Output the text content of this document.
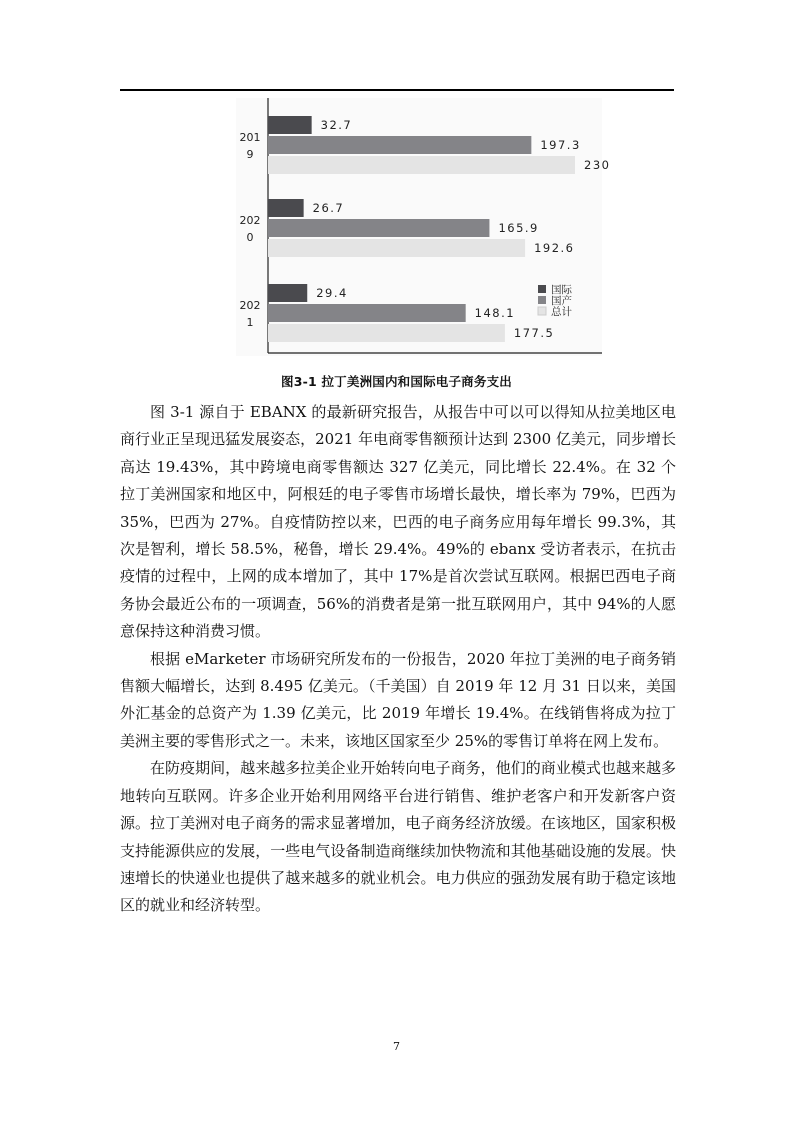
201
9
32.7
197.3
230
202
0
26.7
165.9
192.6
202
1
29.4
148.1
177.5
国际
国产
总计
图3-1 拉丁美洲国内和国际电子商务支出

图 3-1 源自于 EBANX 的最新研究报告，从报告中可以可以得知从拉美地区电商行业正呈现迅猛发展姿态，2021 年电商零售额预计达到 2300 亿美元，同步增长高达 19.43%，其中跨境电商零售额达 327 亿美元，同比增长 22.4%。在 32 个拉丁美洲国家和地区中，阿根廷的电子零售市场增长最快，增长率为 79%，巴西为 35%，巴西为 27%。自疫情防控以来，巴西的电子商务应用每年增长 99.3%，其次是智利，增长 58.5%，秘鲁，增长 29.4%。49%的 ebanx 受访者表示，在抗击疫情的过程中，上网的成本增加了，其中 17%是首次尝试互联网。根据巴西电子商务协会最近公布的一项调查，56%的消费者是第一批互联网用户，其中 94%的人愿意保持这种消费习惯。

根据 eMarketer 市场研究所发布的一份报告，2020 年拉丁美洲的电子商务销售额大幅增长，达到 8.495 亿美元。（千美国）自 2019 年 12 月 31 日以来，美国外汇基金的总资产为 1.39 亿美元，比 2019 年增长 19.4%。在线销售将成为拉丁美洲主要的零售形式之一。未来，该地区国家至少 25%的零售订单将在网上发布。

在防疫期间，越来越多拉美企业开始转向电子商务，他们的商业模式也越来越多地转向互联网。许多企业开始利用网络平台进行销售、维护老客户和开发新客户资源。拉丁美洲对电子商务的需求显著增加，电子商务经济放缓。在该地区，国家积极支持能源供应的发展，一些电气设备制造商继续加快物流和其他基础设施的发展。快速增长的快递业也提供了越来越多的就业机会。电力供应的强劲发展有助于稳定该地区的就业和经济转型。

7
